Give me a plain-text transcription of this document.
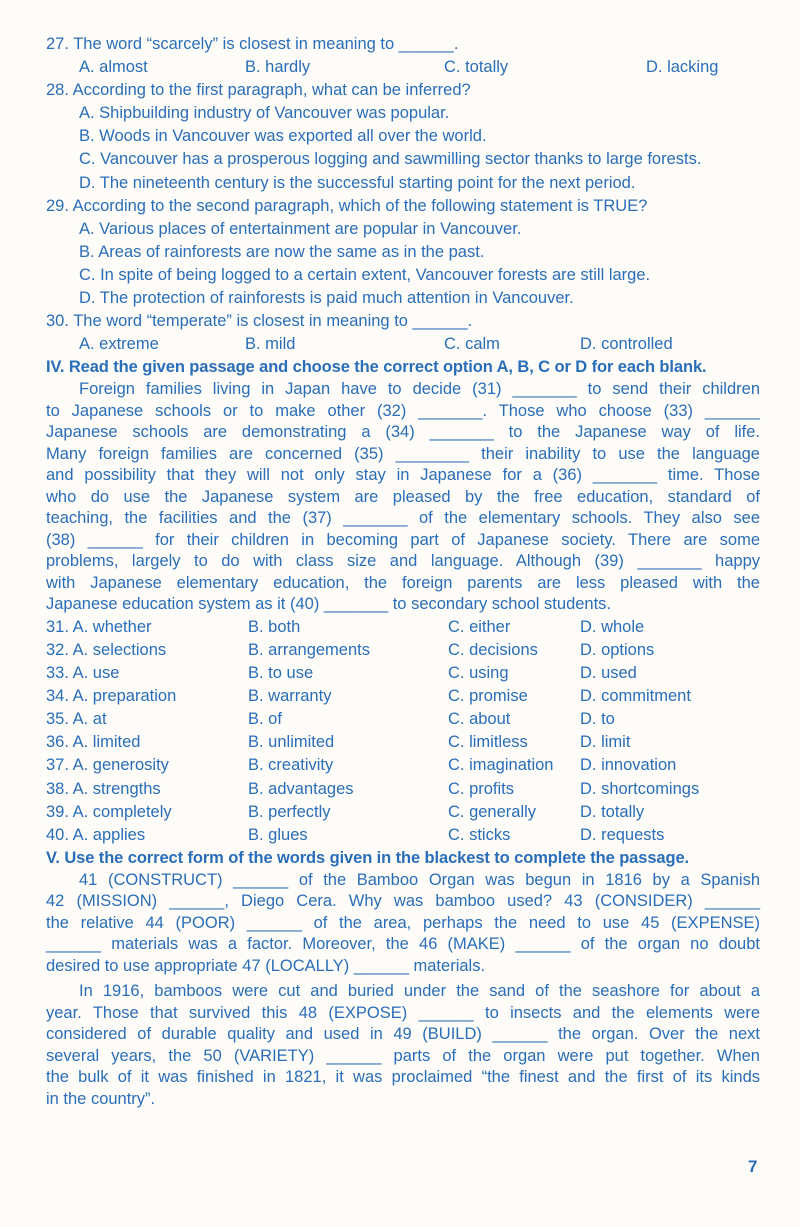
27. The word “scarcely” is closest in meaning to ______.
A. almost	B. hardly	C. totally	D. lacking
28. According to the first paragraph, what can be inferred?
A. Shipbuilding industry of Vancouver was popular.
B. Woods in Vancouver was exported all over the world.
C. Vancouver has a prosperous logging and sawmilling sector thanks to large forests.
D. The nineteenth century is the successful starting point for the next period.
29. According to the second paragraph, which of the following statement is TRUE?
A. Various places of entertainment are popular in Vancouver.
B. Areas of rainforests are now the same as in the past.
C. In spite of being logged to a certain extent, Vancouver forests are still large.
D. The protection of rainforests is paid much attention in Vancouver.
30. The word “temperate” is closest in meaning to ______.
A. extreme	B. mild	C. calm	D. controlled
IV. Read the given passage and choose the correct option A, B, C or D for each blank.
Foreign families living in Japan have to decide (31) _______ to send their children
to Japanese schools or to make other (32) _______. Those who choose (33) ______
Japanese schools are demonstrating a (34) _______ to the Japanese way of life.
Many foreign families are concerned (35) ________ their inability to use the language
and possibility that they will not only stay in Japanese for a (36) _______ time. Those
who do use the Japanese system are pleased by the free education, standard of
teaching, the facilities and the (37) _______ of the elementary schools. They also see
(38) ______ for their children in becoming part of Japanese society. There are some
problems, largely to do with class size and language. Although (39) _______ happy
with Japanese elementary education, the foreign parents are less pleased with the
Japanese education system as it (40) _______ to secondary school students.
31. A. whether	B. both	C. either	D. whole
32. A. selections	B. arrangements	C. decisions	D. options
33. A. use	B. to use	C. using	D. used
34. A. preparation	B. warranty	C. promise	D. commitment
35. A. at	B. of	C. about	D. to
36. A. limited	B. unlimited	C. limitless	D. limit
37. A. generosity	B. creativity	C. imagination D. innovation
38. A. strengths	B. advantages	C. profits	D. shortcomings
39. A. completely	B. perfectly	C. generally	D. totally
40. A. applies	B. glues	C. sticks	D. requests
V. Use the correct form of the words given in the blackest to complete the passage.
41 (CONSTRUCT) ______ of the Bamboo Organ was begun in 1816 by a Spanish
42 (MISSION) ______, Diego Cera. Why was bamboo used? 43 (CONSIDER) ______
the relative 44 (POOR) ______ of the area, perhaps the need to use 45 (EXPENSE)
______ materials was a factor. Moreover, the 46 (MAKE) ______ of the organ no doubt
desired to use appropriate 47 (LOCALLY) ______ materials.
In 1916, bamboos were cut and buried under the sand of the seashore for about a
year. Those that survived this 48 (EXPOSE) ______ to insects and the elements were
considered of durable quality and used in 49 (BUILD) ______ the organ. Over the next
several years, the 50 (VARIETY) ______ parts of the organ were put together. When
the bulk of it was finished in 1821, it was proclaimed “the finest and the first of its kinds
in the country”.
7
